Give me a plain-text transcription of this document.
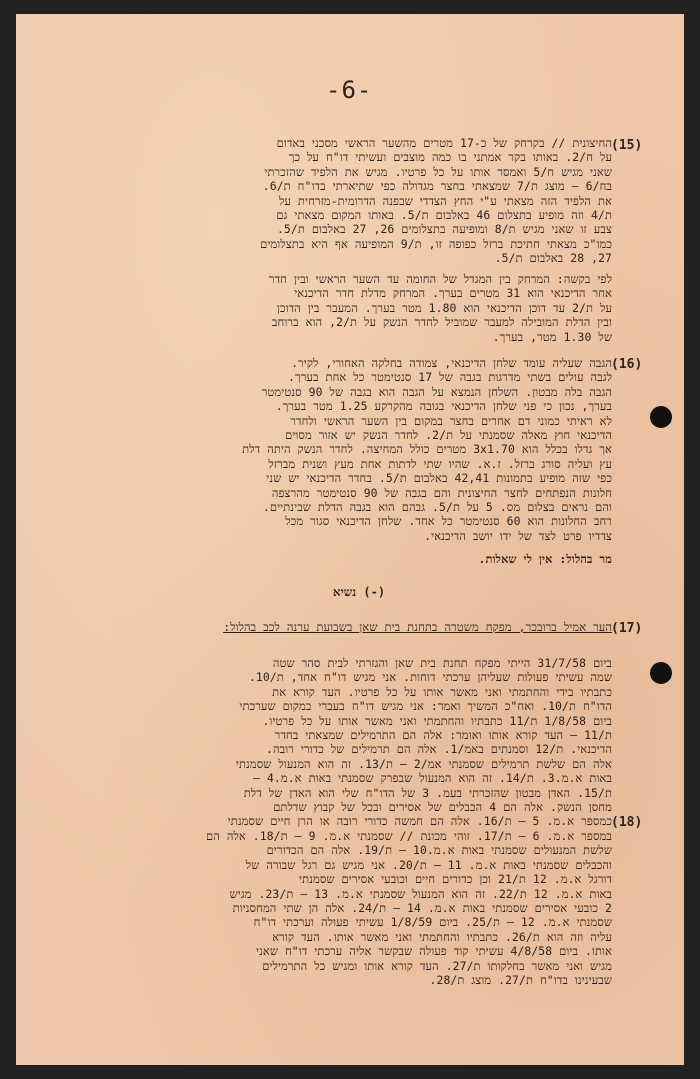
-6-
(15)
החיצונית // בקרחק של כ-17 מטרים מהשער הראשי מסכני באדום
על ח/2. באותו בקר אמתני בו כמה מוצבים ועשיתי דו"ח על כך
שאני מגיש ח/5 ואמסר אותו על כל פרטיו. מגיש את הלפיד שהזכרתי
בח/6 – מוצג ת/7 שמצאתי בחצר מגדולה כפי שתיארתי בדו"ח ת/6.
את הלפיד הזה מצאתי ע"י החץ הצדדי שבפנה הדרומית-מזרחית על
ת/4 וזה מופיע בתצלום 46 באלבום ת/5. באותו המקום מצאתי גם
צבע זו שאני מגיש ת/8 ומופיעה בתצלומים 26, 27 באלבום ת/5.
כמו"כ מצאתי חתיכת ברזל כפופה זו, ת/9 המופיעה אף היא בתצלומים
27, 28 באלבום ת/5.
לפי בקשה: המרחק בין המגדל של החומה עד השער הראשי ובין חדר
אחר הדיכנאי הוא 31 מטרים בערך. המרחק מדלת חדר הדיכנאי
על ת/2 עד דוכן הדיכנאי הוא 1.80 מטר בערך. המעבר בין הדוכן
ובין הדלת המובילה למעבר שמוביל לחדר הנשק על ת/2, הוא ברוחב
של 1.30 מטר, בערך.
(16)
הגבה שעליה עומד שלחן הדיכנאי, צמודה בחלקה האחורי, לקיר.
לגבה עולים בשתי מדרגות בגבה של 17 סנטימטר כל אחת בערך.
הגבה בלה מבטון. השלחן הנמצא על הגבה הוא בגבה של 90 סנטימטר
בערך, נכון כי פני שלחן הדיכנאי בגובה מהקרקע 1.25 מטר בערך.
לא ראיתי כמוני דם אחרים בחצר במקום בין השער הראשי ולחדר
הדיכנאי חוץ מאלה שסמנתי על ת/2. לחדר הנשק יש אזור מסוים
אך גדלו בכלל הוא 3x1.70 מטרים כולל המחיצה. לחדר הנשק היתה דלת
עץ ועליה סורג ברזל. ז.א. שהיו שתי לדתות אחת מעץ ושנית מברזל
כפי שזה מופיע בתמונות 42,41 באלבום ת/5. בחדר הדיכנאי יש שני
חלונות הנפתחים לחצר החיצונית והם בגבה של 90 סנטימטר מהרצפה
והם נראים בצלום מס. 5 על ת/5. גבהם הוא בגבה הדלת שבינתיים.
רחב החלונות הוא 60 סנטימטר כל אחד. שלחן הדיכנאי סגור מכל
צדדיו פרט לצד של ידו יושב הדיכנאי.
מר בהלול: אין לי שאלות.
(-) נשיא
(17)
הער אמיל ברובכר, מפקח משטרה בתחנת בית שאן בשבועת ערנה לכב בהלול:
ביום 31/7/58 הייתי מפקח תחנת בית שאן והגזרתי לבית סהר שטה
שמה עשיתי פעולות שעליהן ערכתי דוחות. אני מגיש דו"ח אחד, ת/10.
כתבתיו בידי והחתמתי ואני מאשר אותו על כל פרטיו. העד קורא את
הדו"ח ת/10. ואח"כ המשיך ואמר: אני מגיש דו"ח בעברי במקום שערכתי
ביום 1/8/58 ת/11 כתבתיו והחתמתי ואני מאשר אותו על כל פרטיו.
ת/11 – העד קורא אותו ואומר: אלה הם התרמילים שמצאתי בחדר
הדיכנאי. ת/12 וסמנתים באמ/1. אלה הם תרמילים של כדורי רובה.
אלה הם שלשת תרמילים שסמנתי אמ/2 – ת/13. זה הוא המנעול שסמנתי
באות א.מ.3. ת/14. זה הוא המנעול שבפרק שסמנתי באות א.מ.4 –
ת/15. האדן מבטון שהזכרתי בעמ. 3 של הדו"ח שלי הוא האדן של דלת
מחסן הנשק. אלה הם 4 הכבלים של אסירים ובכל של קבוץ שדלתם
כמספר א.מ. 5 – ת/16. אלה הם חמשה כדורי רובה או הרן חיים שסמנתי
במספר א.מ. 6 – ת/17. זוהי מכונת // שסמנתי א.מ. 9 – ת/18. אלה הם
שלשת המנעולים שסמנתי באות א.מ.10 – ת/19. אלה הם הכדורים
והכבלים שסמנתי באות א.מ. 11 – ת/20. אני מגיש גם רגל שבורה של
דורגל א.מ. 12 ת/21 וכן כדורים חיים וכובעי אסירים שסמנתי
באות א.מ. 12 ת/22. זה הוא המנעול שסמנתי א.מ. 13 – ת/23. מגיש
2 כובעי אסירים שסמנתי באות א.מ. 14 – ת/24. אלה הן שתי המחסניות
שסמנתי א.מ. 12 – ת/25. ביום 1/8/59 עשיתי פעולה וערכתי דו"ח
עליה וזה הוא ת/26. כתבתיו והחתמתי ואני מאשר אותו. העד קורא
אותו. ביום 4/8/58 עשיתי קוד פעולה שבקשר אליה ערכתי דו"ח שאני
מגיש ואני מאשר בחלקותו ת/27. העד קורא אותו ומגיש כל התרמילים
שבעינינו בדו"ח ת/27. מוצג ת/28.
(18)
